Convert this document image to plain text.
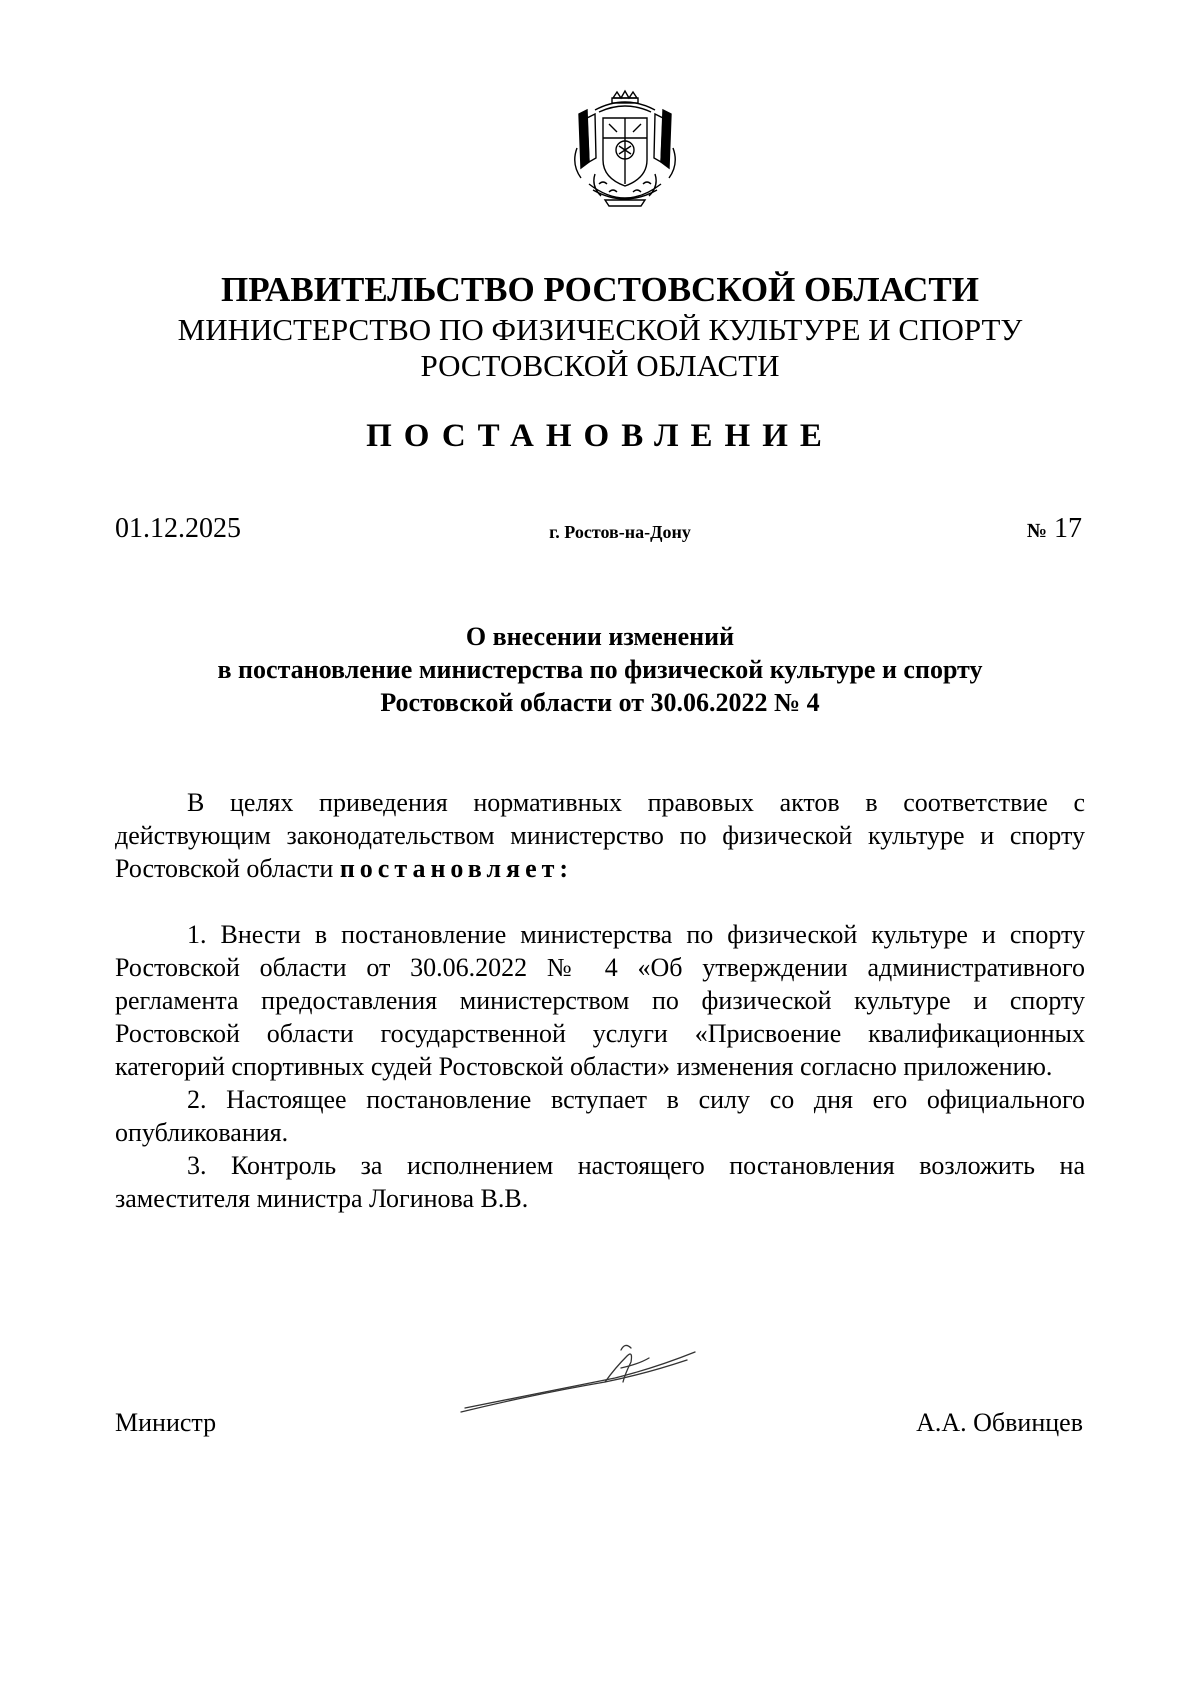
ПРАВИТЕЛЬСТВО РОСТОВСКОЙ ОБЛАСТИ
МИНИСТЕРСТВО ПО ФИЗИЧЕСКОЙ КУЛЬТУРЕ И СПОРТУ
РОСТОВСКОЙ ОБЛАСТИ
ПОСТАНОВЛЕНИЕ
01.12.2025	г. Ростов-на-Дону	№ 17
О внесении изменений
в постановление министерства по физической культуре и спорту
Ростовской области от 30.06.2022 № 4

В целях приведения нормативных правовых актов в соответствие с действующим законодательством министерство по физической культуре и спорту Ростовской области постановляет:

1. Внести в постановление министерства по физической культуре и спорту Ростовской области от 30.06.2022 № 4 «Об утверждении административного регламента предоставления министерством по физической культуре и спорту Ростовской области государственной услуги «Присвоение квалификационных категорий спортивных судей Ростовской области» изменения согласно приложению.

2. Настоящее постановление вступает в силу со дня его официального опубликования.

3. Контроль за исполнением настоящего постановления возложить на заместителя министра Логинова В.В.

Министр	А.А. Обвинцев
